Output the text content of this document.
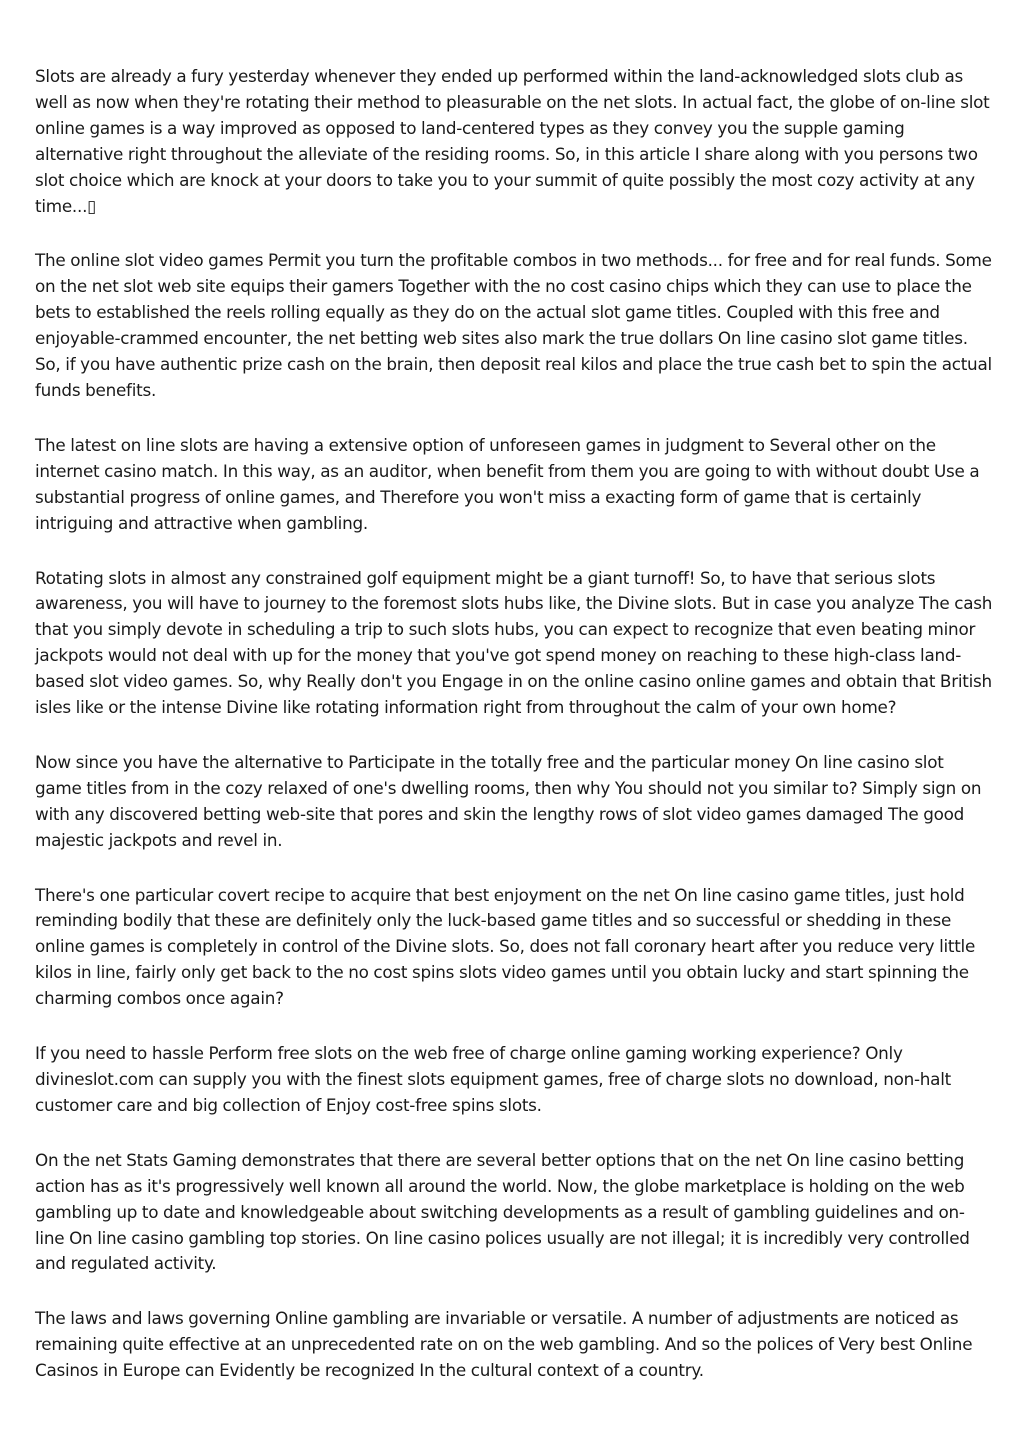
Slots are already a fury yesterday whenever they ended up performed within the land-acknowledged slots club as well as now when they're rotating their method to pleasurable on the net slots. In actual fact, the globe of on-line slot online games is a way improved as opposed to land-centered types as they convey you the supple gaming alternative right throughout the alleviate of the residing rooms. So, in this article I share along with you persons two slot choice which are knock at your doors to take you to your summit of quite possibly the most cozy activity at any time...▯

The online slot video games Permit you turn the profitable combos in two methods... for free and for real funds. Some on the net slot web site equips their gamers Together with the no cost casino chips which they can use to place the bets to established the reels rolling equally as they do on the actual slot game titles. Coupled with this free and enjoyable-crammed encounter, the net betting web sites also mark the true dollars On line casino slot game titles. So, if you have authentic prize cash on the brain, then deposit real kilos and place the true cash bet to spin the actual funds benefits.

The latest on line slots are having a extensive option of unforeseen games in judgment to Several other on the internet casino match. In this way, as an auditor, when benefit from them you are going to with without doubt Use a substantial progress of online games, and Therefore you won't miss a exacting form of game that is certainly intriguing and attractive when gambling.

Rotating slots in almost any constrained golf equipment might be a giant turnoff! So, to have that serious slots awareness, you will have to journey to the foremost slots hubs like, the Divine slots. But in case you analyze The cash that you simply devote in scheduling a trip to such slots hubs, you can expect to recognize that even beating minor jackpots would not deal with up for the money that you've got spend money on reaching to these high-class land-based slot video games. So, why Really don't you Engage in on the online casino online games and obtain that British isles like or the intense Divine like rotating information right from throughout the calm of your own home?

Now since you have the alternative to Participate in the totally free and the particular money On line casino slot game titles from in the cozy relaxed of one's dwelling rooms, then why You should not you similar to? Simply sign on with any discovered betting web-site that pores and skin the lengthy rows of slot video games damaged The good majestic jackpots and revel in.

There's one particular covert recipe to acquire that best enjoyment on the net On line casino game titles, just hold reminding bodily that these are definitely only the luck-based game titles and so successful or shedding in these online games is completely in control of the Divine slots. So, does not fall coronary heart after you reduce very little kilos in line, fairly only get back to the no cost spins slots video games until you obtain lucky and start spinning the charming combos once again?

If you need to hassle Perform free slots on the web free of charge online gaming working experience? Only divineslot.com can supply you with the finest slots equipment games, free of charge slots no download, non-halt customer care and big collection of Enjoy cost-free spins slots.

On the net Stats Gaming demonstrates that there are several better options that on the net On line casino betting action has as it's progressively well known all around the world. Now, the globe marketplace is holding on the web gambling up to date and knowledgeable about switching developments as a result of gambling guidelines and on-line On line casino gambling top stories. On line casino polices usually are not illegal; it is incredibly very controlled and regulated activity.

The laws and laws governing Online gambling are invariable or versatile. A number of adjustments are noticed as remaining quite effective at an unprecedented rate on on the web gambling. And so the polices of Very best Online Casinos in Europe can Evidently be recognized In the cultural context of a country.
